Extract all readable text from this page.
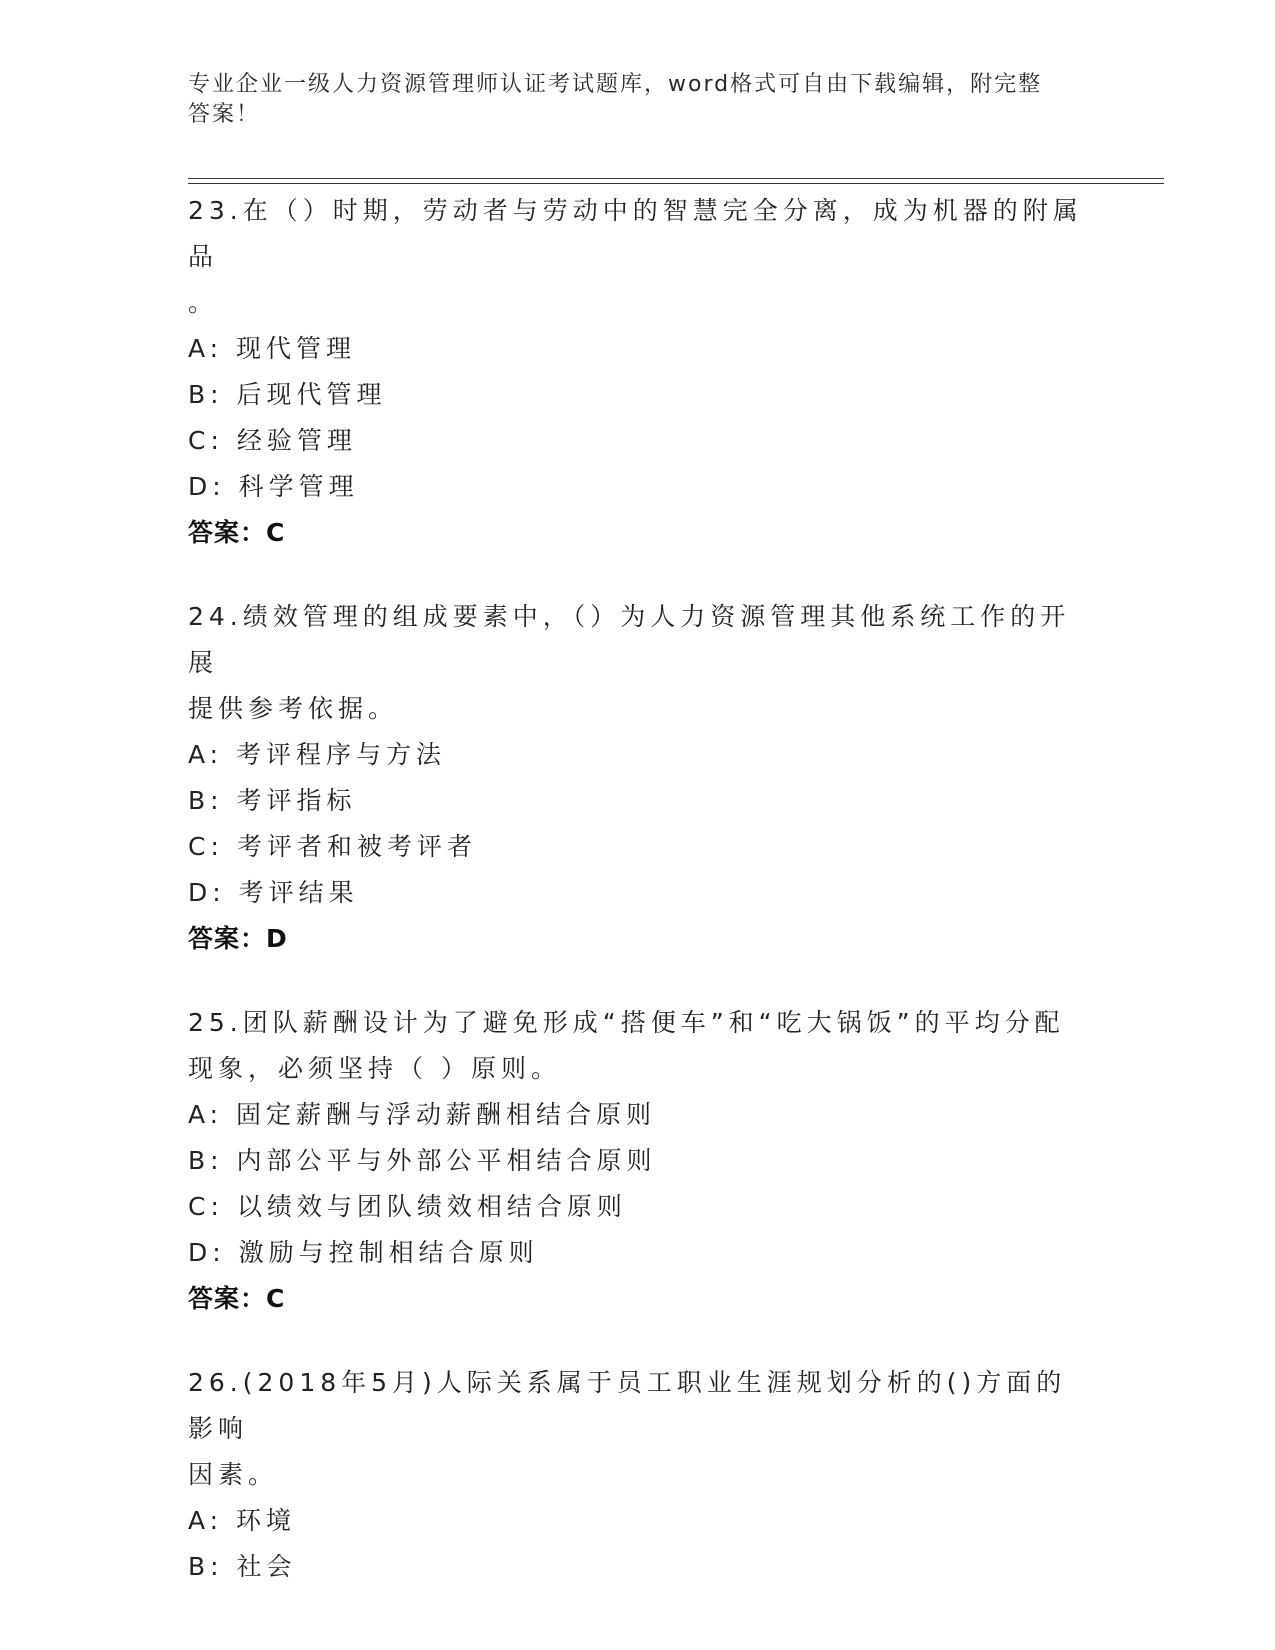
专业企业一级人力资源管理师认证考试题库，word格式可自由下载编辑，附完整
答案！
23.在（）时期，劳动者与劳动中的智慧完全分离，成为机器的附属品
。
A: 现代管理
B: 后现代管理
C: 经验管理
D: 科学管理
答案：C
24.绩效管理的组成要素中，（）为人力资源管理其他系统工作的开展
提供参考依据。
A: 考评程序与方法
B: 考评指标
C: 考评者和被考评者
D: 考评结果
答案：D
25.团队薪酬设计为了避免形成“搭便车”和“吃大锅饭”的平均分配
现象，必须坚持（ ）原则。
A: 固定薪酬与浮动薪酬相结合原则
B: 内部公平与外部公平相结合原则
C: 以绩效与团队绩效相结合原则
D: 激励与控制相结合原则
答案：C
26.(2018年5月)人际关系属于员工职业生涯规划分析的()方面的影响
因素。
A: 环境
B: 社会
